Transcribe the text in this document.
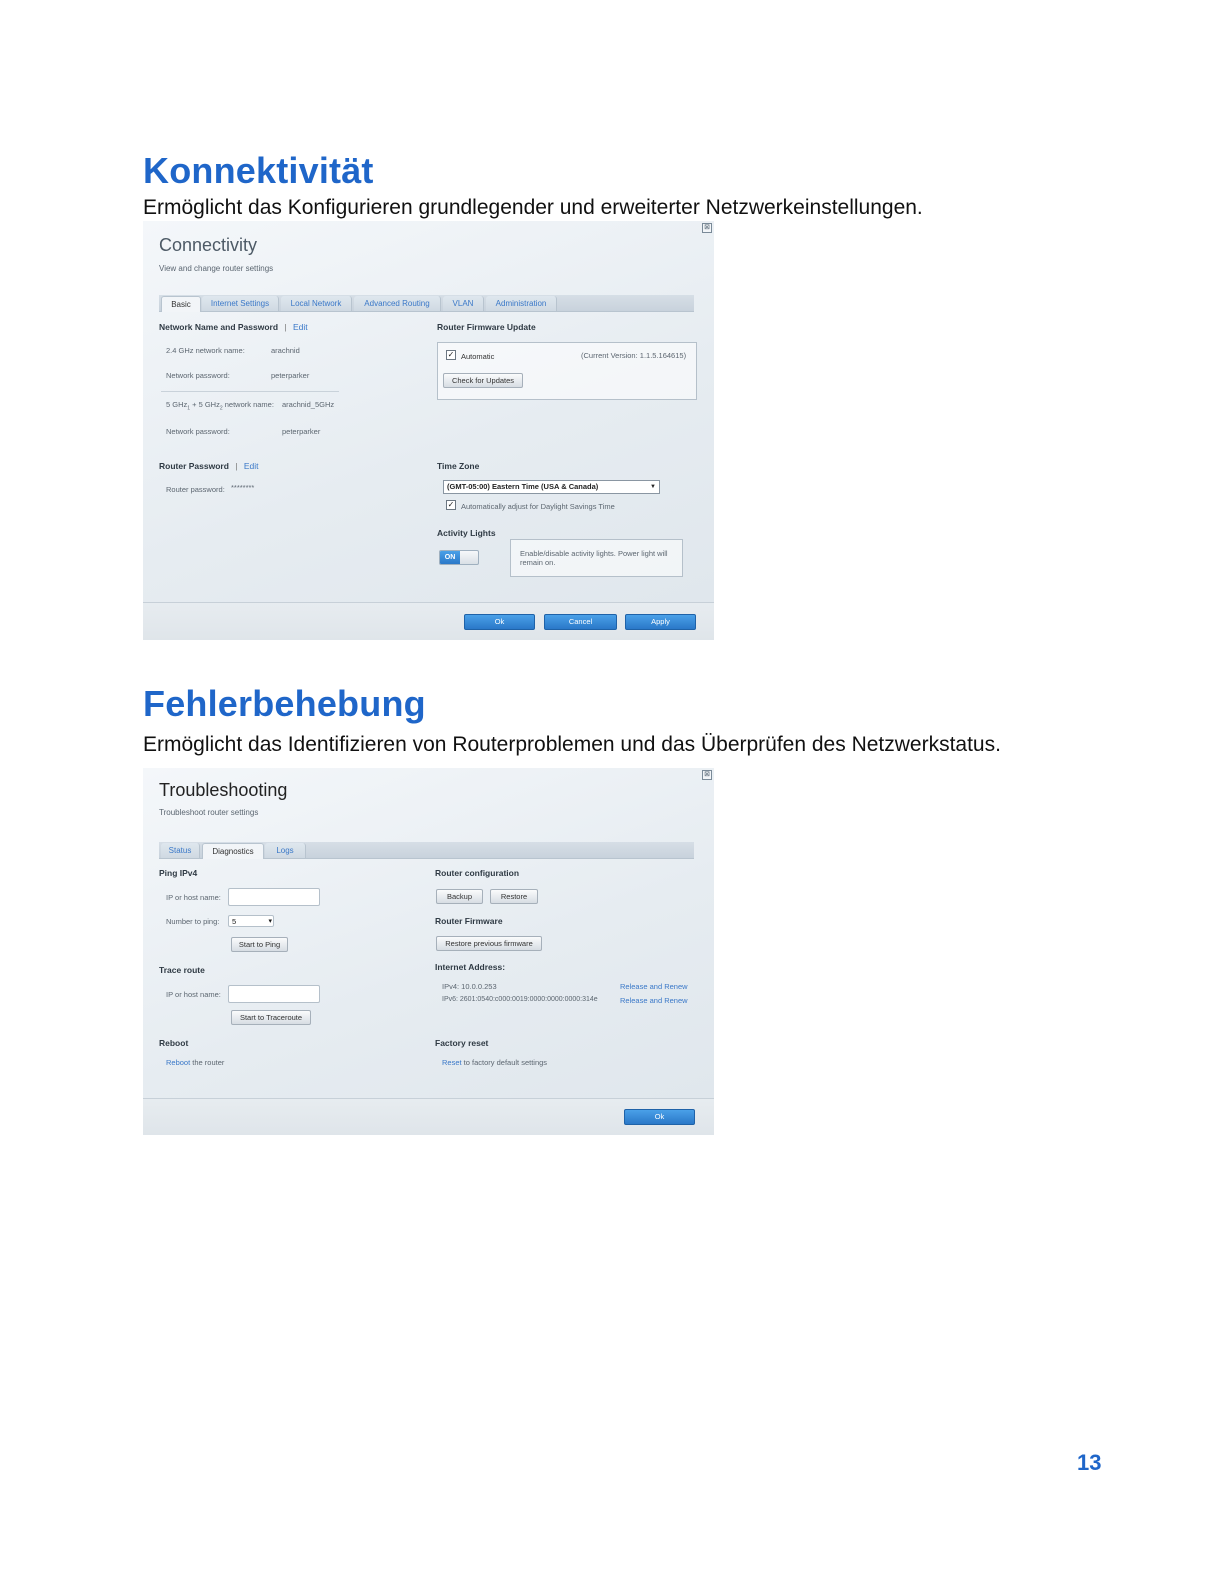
Konnektivität
Ermöglicht das Konfigurieren grundlegender und erweiterter Netzwerkeinstellungen.
⊠
Connectivity
View and change router settings
Basic	Internet Settings	Local Network	Advanced Routing	VLAN	Administration
Network Name and Password | Edit
2.4 GHz network name:	arachnid
Network password:	peterparker
5 GHz$_1$ + 5 GHz$_2$ network name: arachnid_5GHz
Network password:	peterparker
Router Password | Edit
Router password: ********
Router Firmware Update
✓ Automatic	(Current Version: 1.1.5.164615)
Check for Updates
Time Zone
(GMT-05:00) Eastern Time (USA & Canada)	▼
✓ Automatically adjust for Daylight Savings Time
Activity Lights
ON	Enable/disable activity lights. Power light will remain on.
Ok	Cancel	Apply
Fehlerbehebung
Ermöglicht das Identifizieren von Routerproblemen und das Überprüfen des Netzwerkstatus.
⊠
Troubleshooting
Troubleshoot router settings
Status	Diagnostics	Logs
Ping IPv4
IP or host name:
Number to ping:	5	▾
Start to Ping
Trace route
IP or host name:
Start to Traceroute
Reboot
Reboot the router
Router configuration
Backup	Restore
Router Firmware
Restore previous firmware
Internet Address:
IPv4: 10.0.0.253	Release and Renew
IPv6: 2601:0540:c000:0019:0000:0000:0000:314e	Release and Renew
Factory reset
Reset to factory default settings
Ok
13
